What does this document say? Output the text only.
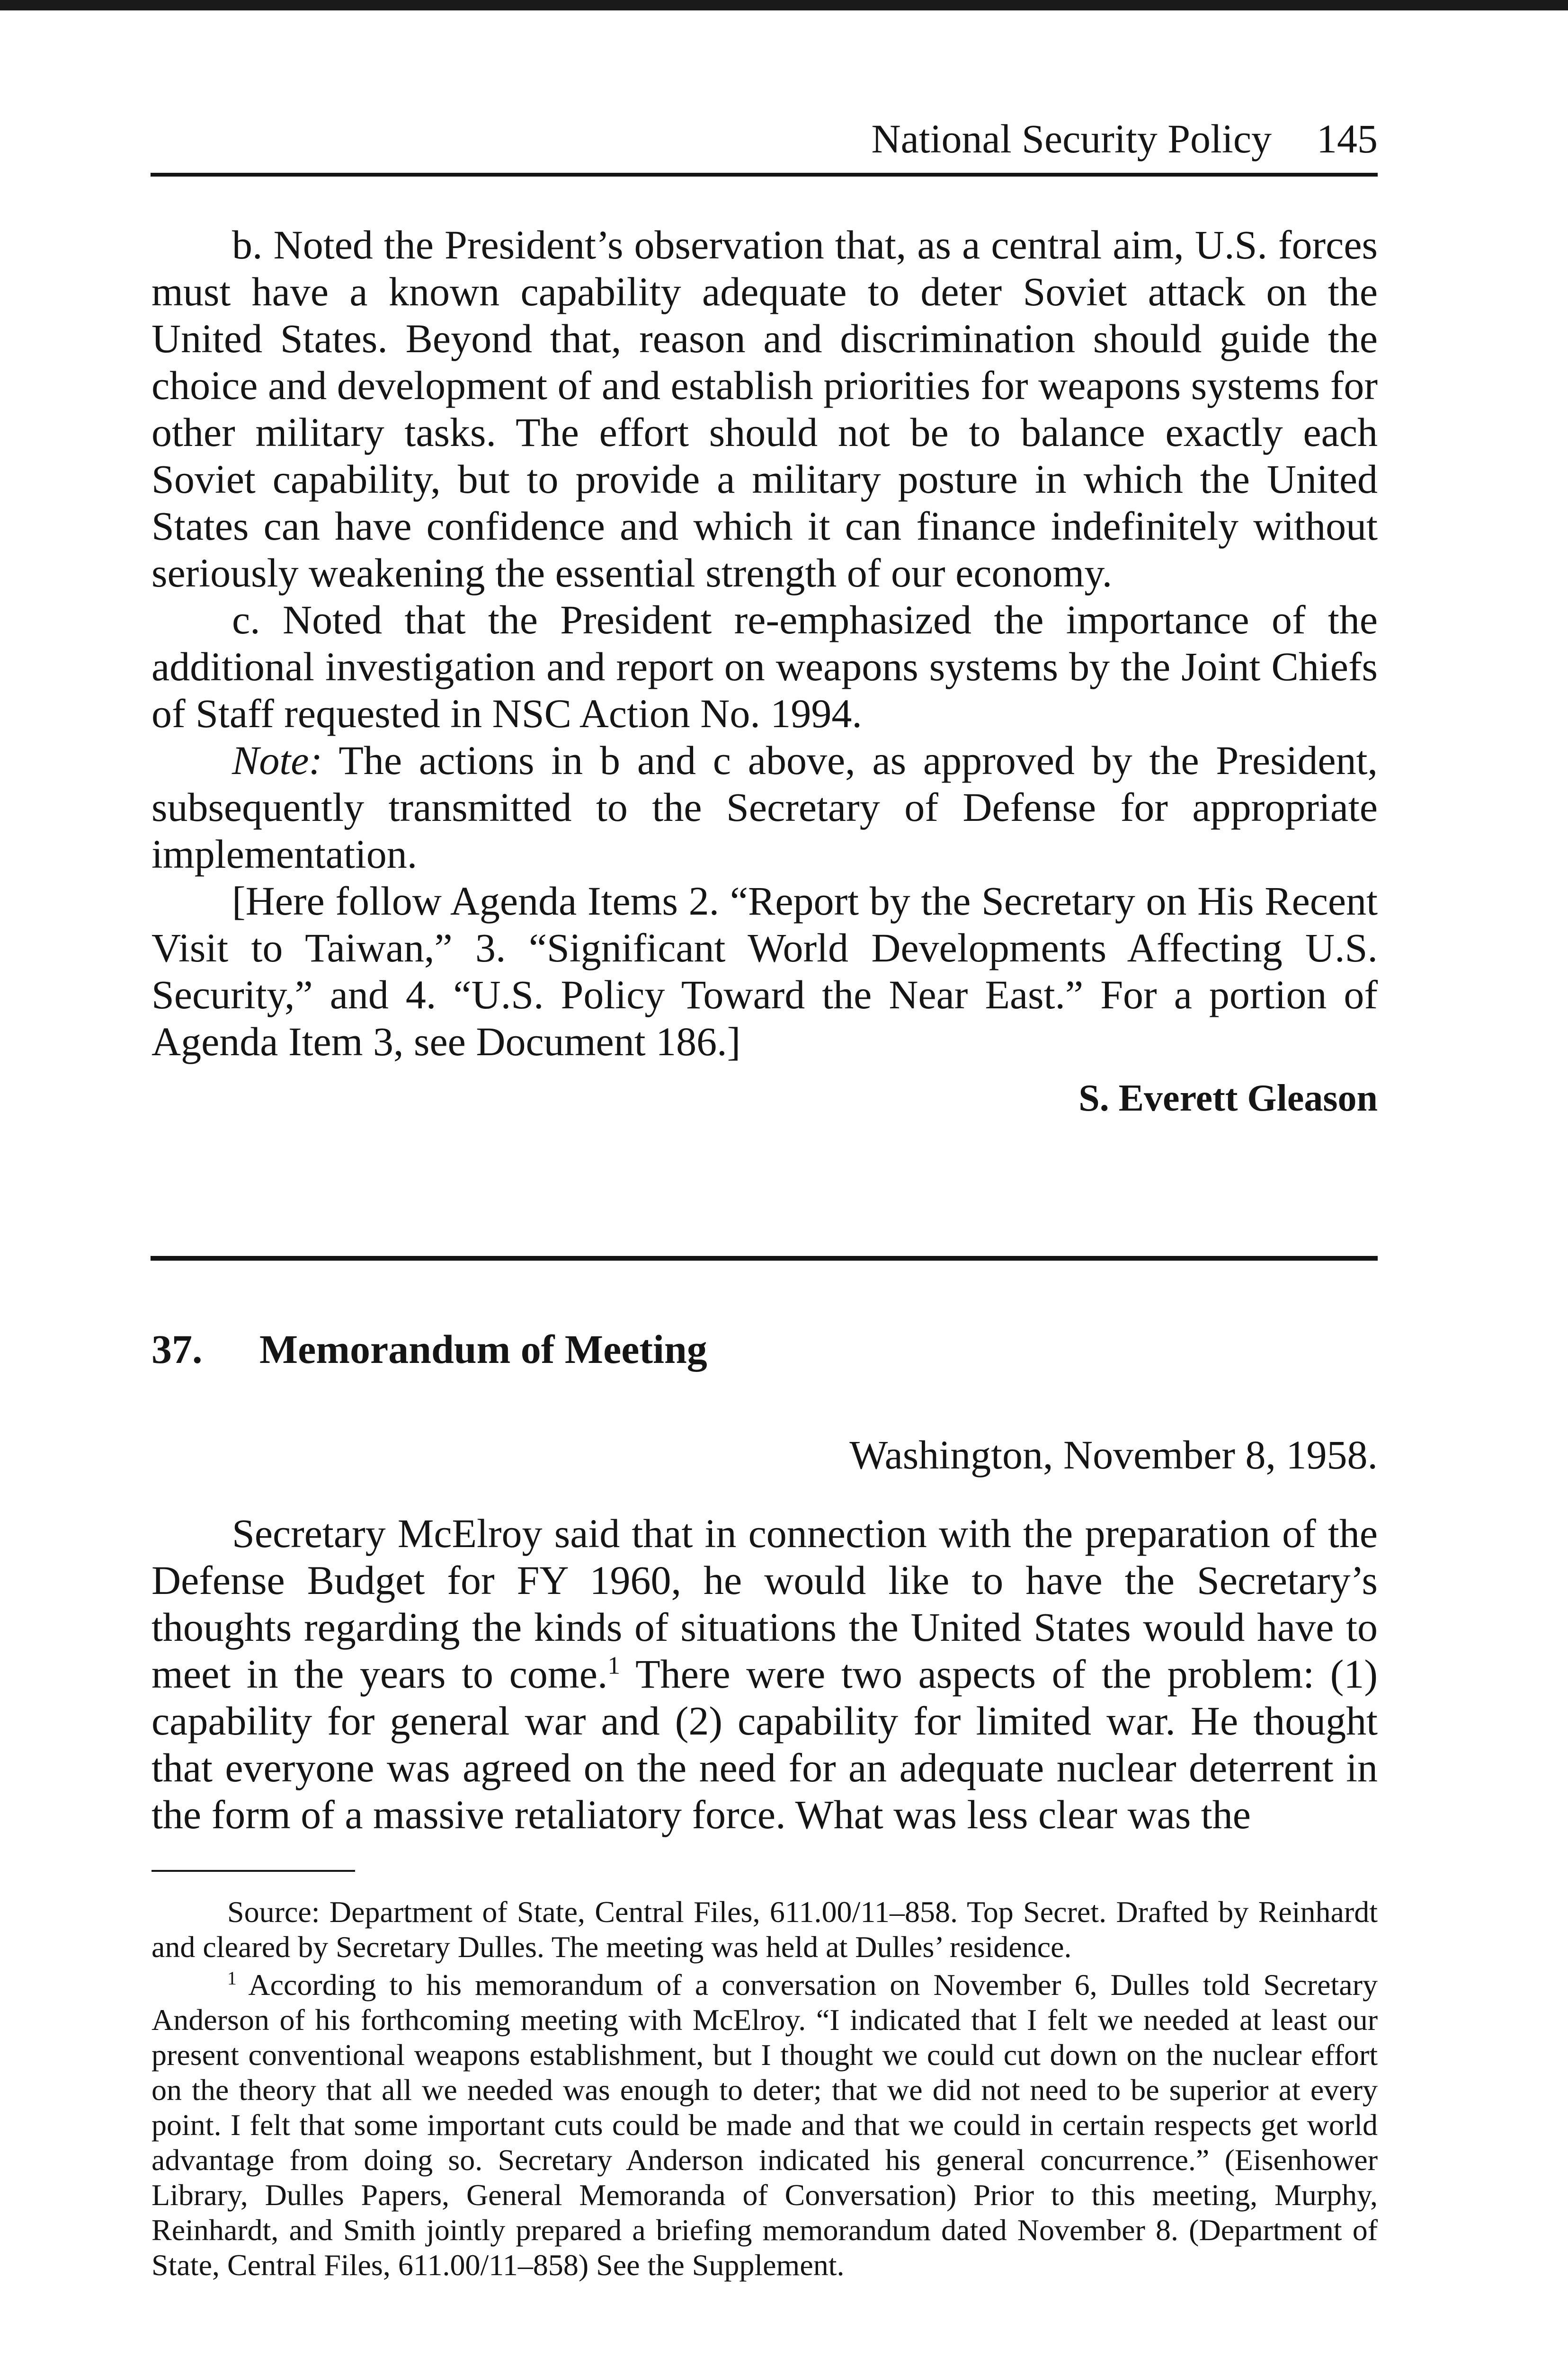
National Security Policy 145

b. Noted the President’s observation that, as a central aim, U.S. forces must have a known capability adequate to deter Soviet attack on the United States. Beyond that, reason and discrimination should guide the choice and development of and establish priorities for weapons systems for other military tasks. The effort should not be to balance exactly each Soviet capability, but to provide a military posture in which the United States can have confidence and which it can finance indefinitely without seriously weakening the essential strength of our economy.

c. Noted that the President re-emphasized the importance of the additional investigation and report on weapons systems by the Joint Chiefs of Staff requested in NSC Action No. 1994.

Note: The actions in b and c above, as approved by the President, subsequently transmitted to the Secretary of Defense for appropriate implementation.

[Here follow Agenda Items 2. “Report by the Secretary on His Recent Visit to Taiwan,” 3. “Significant World Developments Affecting U.S. Security,” and 4. “U.S. Policy Toward the Near East.” For a portion of Agenda Item 3, see Document 186.]

S. Everett Gleason
37. Memorandum of Meeting
Washington, November 8, 1958.

Secretary McElroy said that in connection with the preparation of the Defense Budget for FY 1960, he would like to have the Secretary’s thoughts regarding the kinds of situations the United States would have to meet in the years to come.$^1$ There were two aspects of the problem: (1) capability for general war and (2) capability for limited war. He thought that everyone was agreed on the need for an adequate nuclear deterrent in the form of a massive retaliatory force. What was less clear was the

Source: Department of State, Central Files, 611.00/11–858. Top Secret. Drafted by Reinhardt and cleared by Secretary Dulles. The meeting was held at Dulles’ residence.

$^1$ According to his memorandum of a conversation on November 6, Dulles told Secretary Anderson of his forthcoming meeting with McElroy. “I indicated that I felt we needed at least our present conventional weapons establishment, but I thought we could cut down on the nuclear effort on the theory that all we needed was enough to deter; that we did not need to be superior at every point. I felt that some important cuts could be made and that we could in certain respects get world advantage from doing so. Secretary Anderson indicated his general concurrence.” (Eisenhower Library, Dulles Papers, General Memoranda of Conversation) Prior to this meeting, Murphy, Reinhardt, and Smith jointly prepared a briefing memorandum dated November 8. (Department of State, Central Files, 611.00/11–858) See the Supplement.
